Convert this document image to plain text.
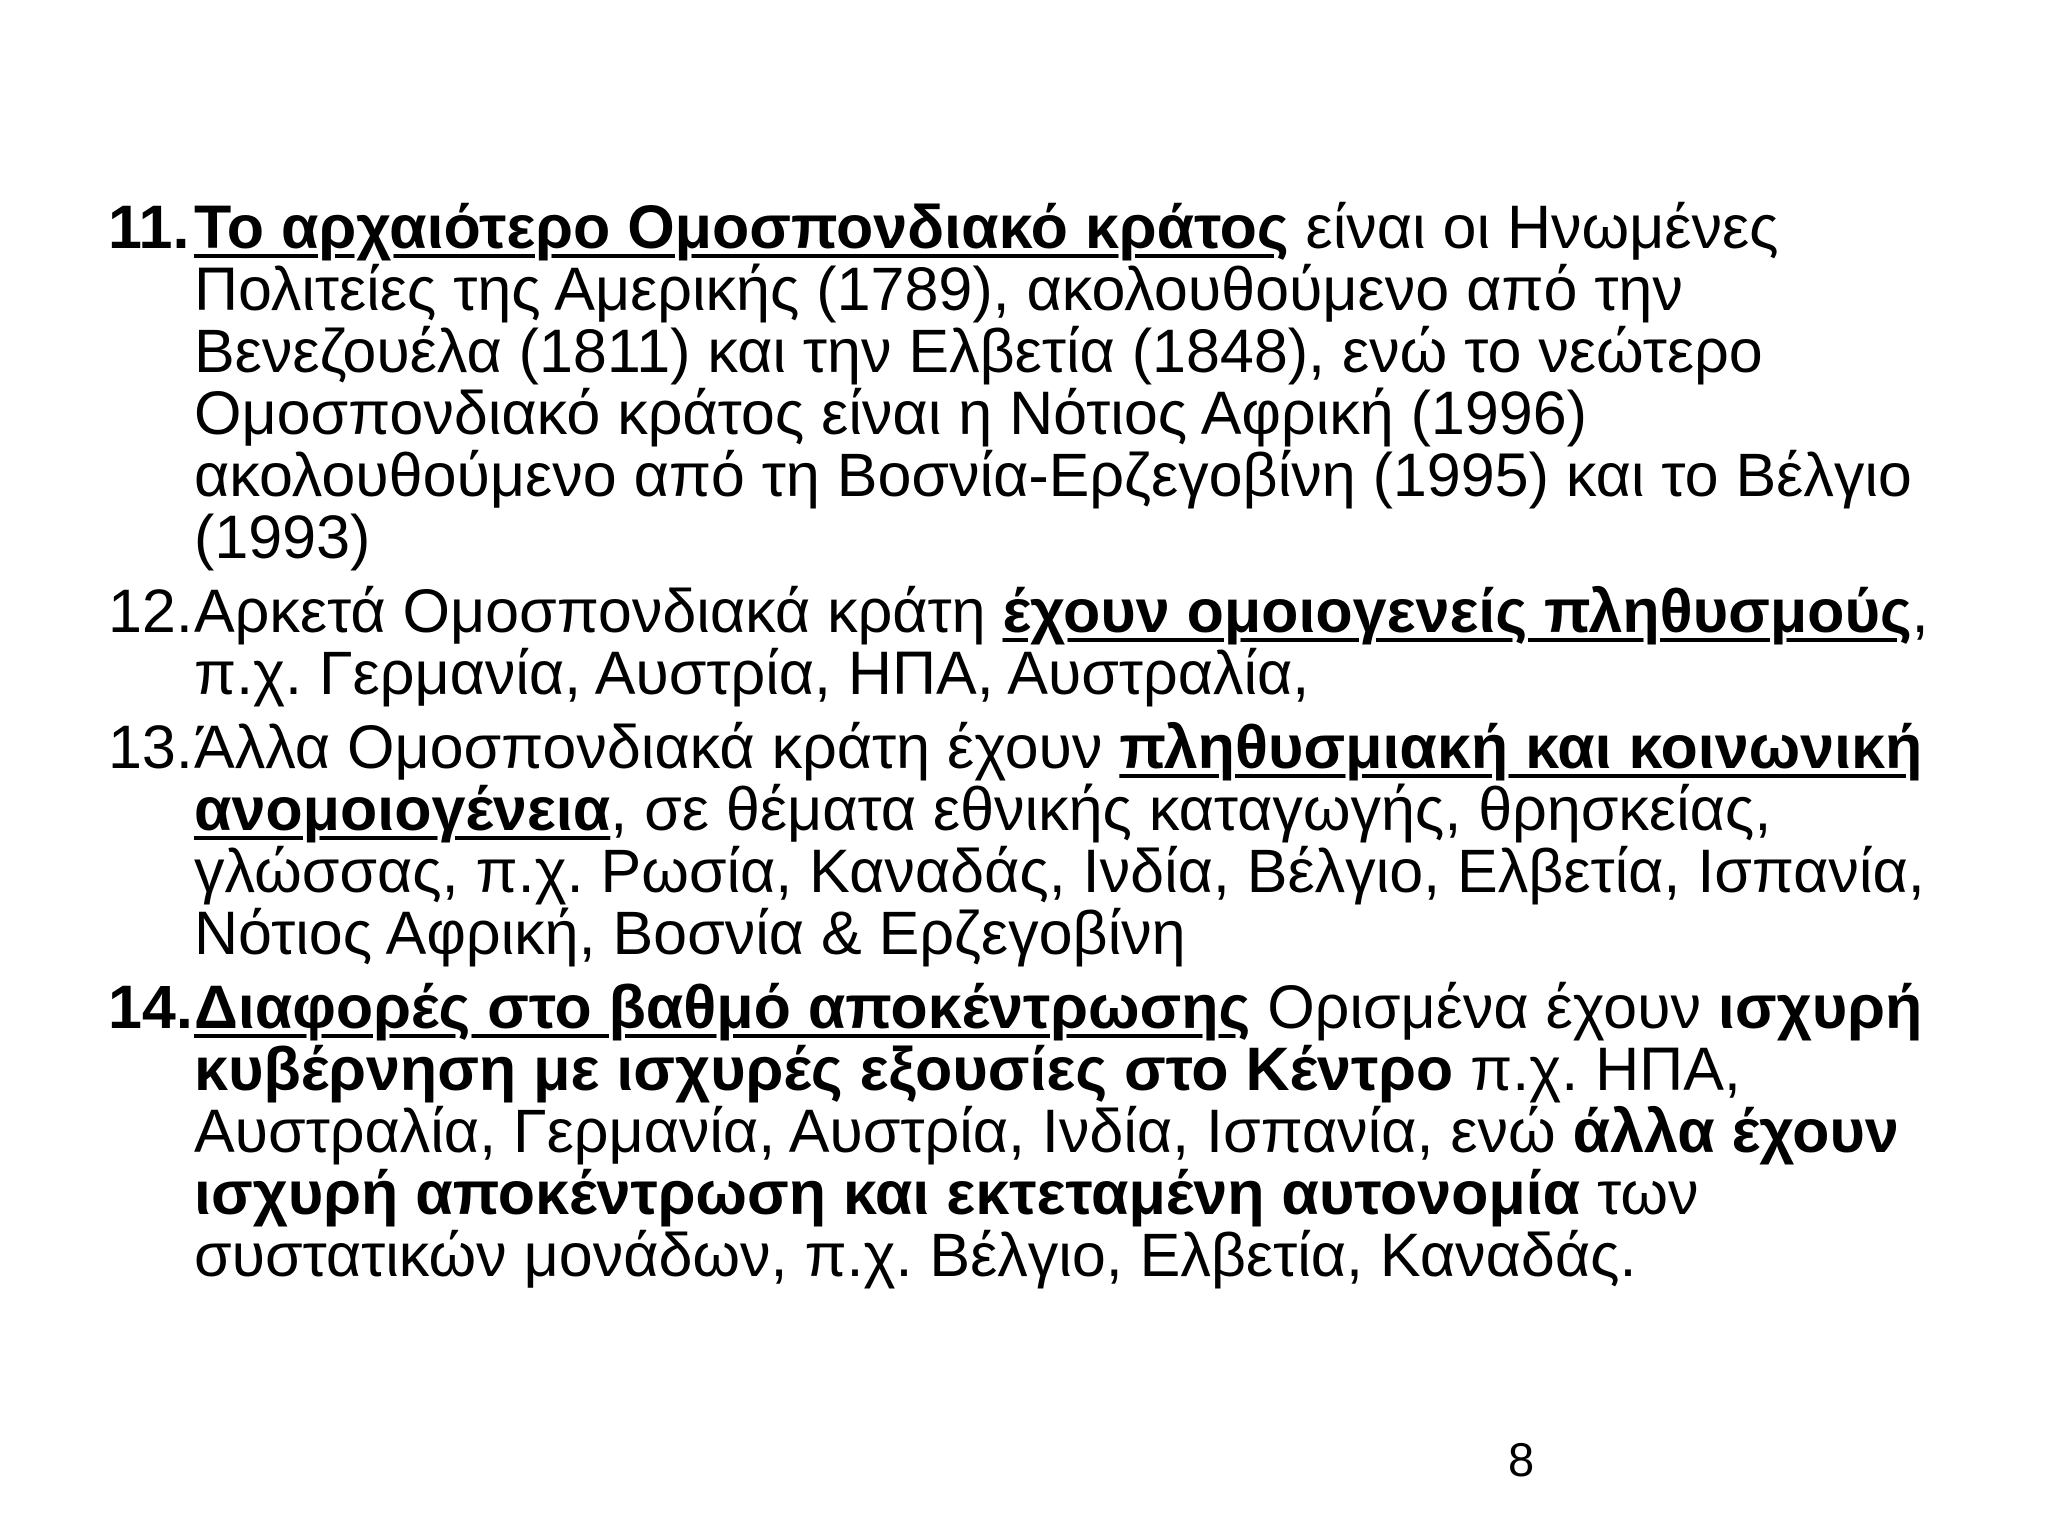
11. Το αρχαιότερο Ομοσπονδιακό κράτος είναι οι Ηνωμένες Πολιτείες της Αμερικής (1789), ακολουθούμενο από την Βενεζουέλα (1811) και την Ελβετία (1848), ενώ το νεώτερο Ομοσπονδιακό κράτος είναι η Νότιος Αφρική (1996) ακολουθούμενο από τη Βοσνία-Ερζεγοβίνη (1995) και το Βέλγιο (1993)
12. Αρκετά Ομοσπονδιακά κράτη έχουν ομοιογενείς πληθυσμούς, π.χ. Γερμανία, Αυστρία, ΗΠΑ, Αυστραλία,
13. Άλλα Ομοσπονδιακά κράτη έχουν πληθυσμιακή και κοινωνική ανομοιογένεια, σε θέματα εθνικής καταγωγής, θρησκείας, γλώσσας, π.χ. Ρωσία, Καναδάς, Ινδία, Βέλγιο, Ελβετία, Ισπανία, Νότιος Αφρική, Βοσνία & Ερζεγοβίνη
14. Διαφορές στο βαθμό αποκέντρωσης Ορισμένα έχουν ισχυρή κυβέρνηση με ισχυρές εξουσίες στο Κέντρο π.χ. ΗΠΑ, Αυστραλία, Γερμανία, Αυστρία, Ινδία, Ισπανία, ενώ άλλα έχουν ισχυρή αποκέντρωση και εκτεταμένη αυτονομία των συστατικών μονάδων, π.χ. Βέλγιο, Ελβετία, Καναδάς.
8
